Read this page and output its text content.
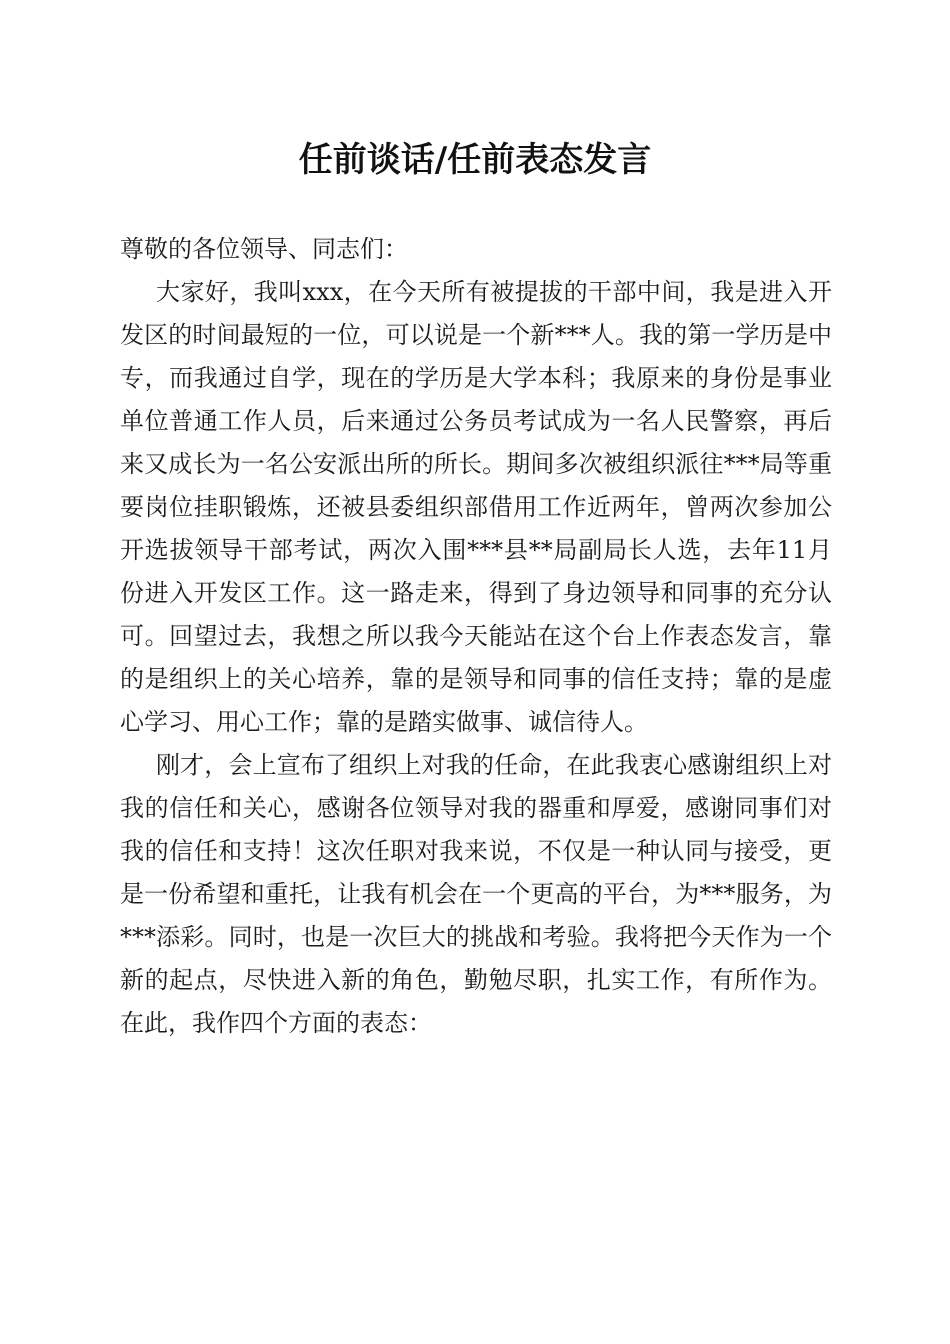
任前谈话/任前表态发言

尊敬的各位领导、同志们：

大家好，我叫xxx，在今天所有被提拔的干部中间，我是进入开发区的时间最短的一位，可以说是一个新***人。我的第一学历是中专，而我通过自学，现在的学历是大学本科；我原来的身份是事业单位普通工作人员，后来通过公务员考试成为一名人民警察，再后来又成长为一名公安派出所的所长。期间多次被组织派往***局等重要岗位挂职锻炼，还被县委组织部借用工作近两年，曾两次参加公开选拔领导干部考试，两次入围***县**局副局长人选，去年11月份进入开发区工作。这一路走来，得到了身边领导和同事的充分认可。回望过去，我想之所以我今天能站在这个台上作表态发言，靠的是组织上的关心培养，靠的是领导和同事的信任支持；靠的是虚心学习、用心工作；靠的是踏实做事、诚信待人。

刚才，会上宣布了组织上对我的任命，在此我衷心感谢组织上对我的信任和关心，感谢各位领导对我的器重和厚爱，感谢同事们对我的信任和支持！这次任职对我来说，不仅是一种认同与接受，更是一份希望和重托，让我有机会在一个更高的平台，为***服务，为***添彩。同时，也是一次巨大的挑战和考验。我将把今天作为一个新的起点，尽快进入新的角色，勤勉尽职，扎实工作，有所作为。在此，我作四个方面的表态：
